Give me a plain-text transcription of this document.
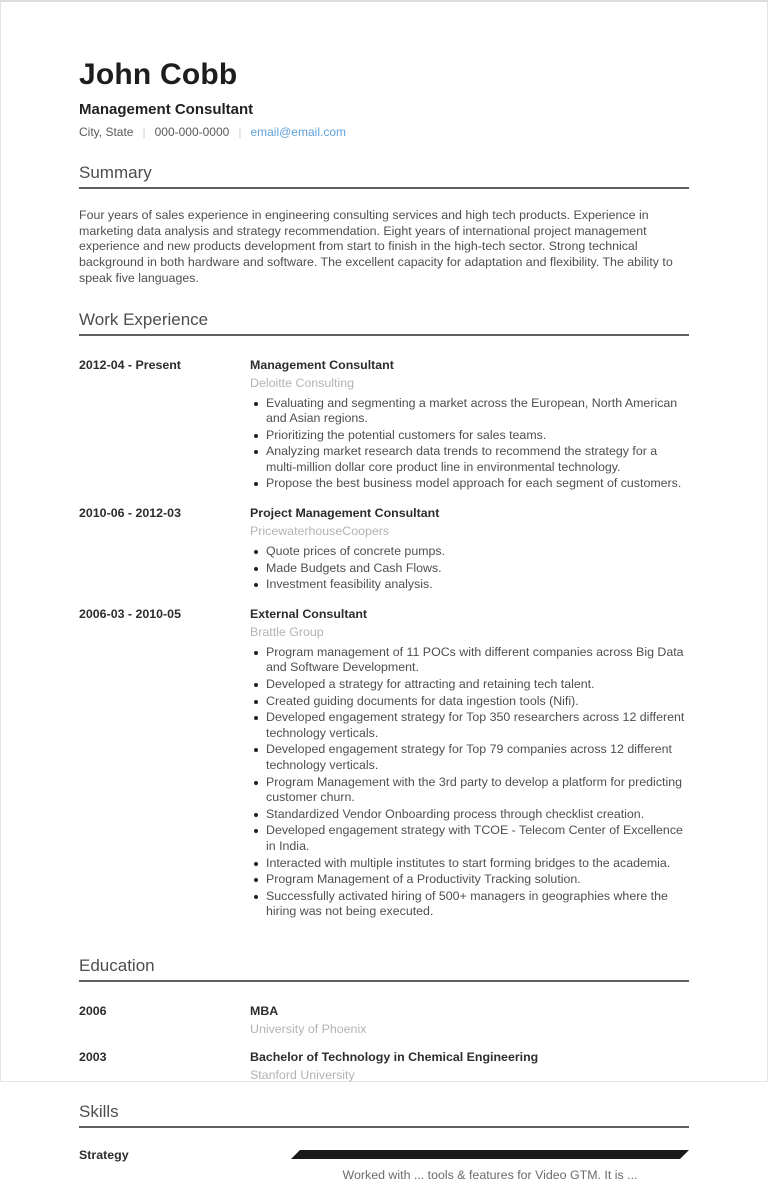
John Cobb
Management Consultant
City, State | 000-000-0000 | email@email.com
Summary

Four years of sales experience in engineering consulting services and high tech products. Experience in marketing data analysis and strategy recommendation. Eight years of international project management experience and new products development from start to finish in the high-tech sector. Strong technical background in both hardware and software. The excellent capacity for adaptation and flexibility. The ability to speak five languages.

Work Experience
2012-04 - Present	Management Consultant
Deloitte Consulting
Evaluating and segmenting a market across the European, North American and Asian regions.
Prioritizing the potential customers for sales teams.
Analyzing market research data trends to recommend the strategy for a multi-million dollar core product line in environmental technology.
Propose the best business model approach for each segment of customers.
2010-06 - 2012-03	Project Management Consultant
PricewaterhouseCoopers
Quote prices of concrete pumps.
Made Budgets and Cash Flows.
Investment feasibility analysis.
2006-03 - 2010-05	External Consultant
Brattle Group
Program management of 11 POCs with different companies across Big Data and Software Development.
Developed a strategy for attracting and retaining tech talent.
Created guiding documents for data ingestion tools (Nifi).
Developed engagement strategy for Top 350 researchers across 12 different technology verticals.
Developed engagement strategy for Top 79 companies across 12 different technology verticals.
Program Management with the 3rd party to develop a platform for predicting customer churn.
Standardized Vendor Onboarding process through checklist creation.
Developed engagement strategy with TCOE - Telecom Center of Excellence in India.
Interacted with multiple institutes to start forming bridges to the academia.
Program Management of a Productivity Tracking solution.
Successfully activated hiring of 500+ managers in geographies where the hiring was not being executed.
Education
2006	MBA
University of Phoenix
2003	Bachelor of Technology in Chemical Engineering
Stanford University
Skills
Strategy
Worked with ... tools & features for Video GTM. It is ...
